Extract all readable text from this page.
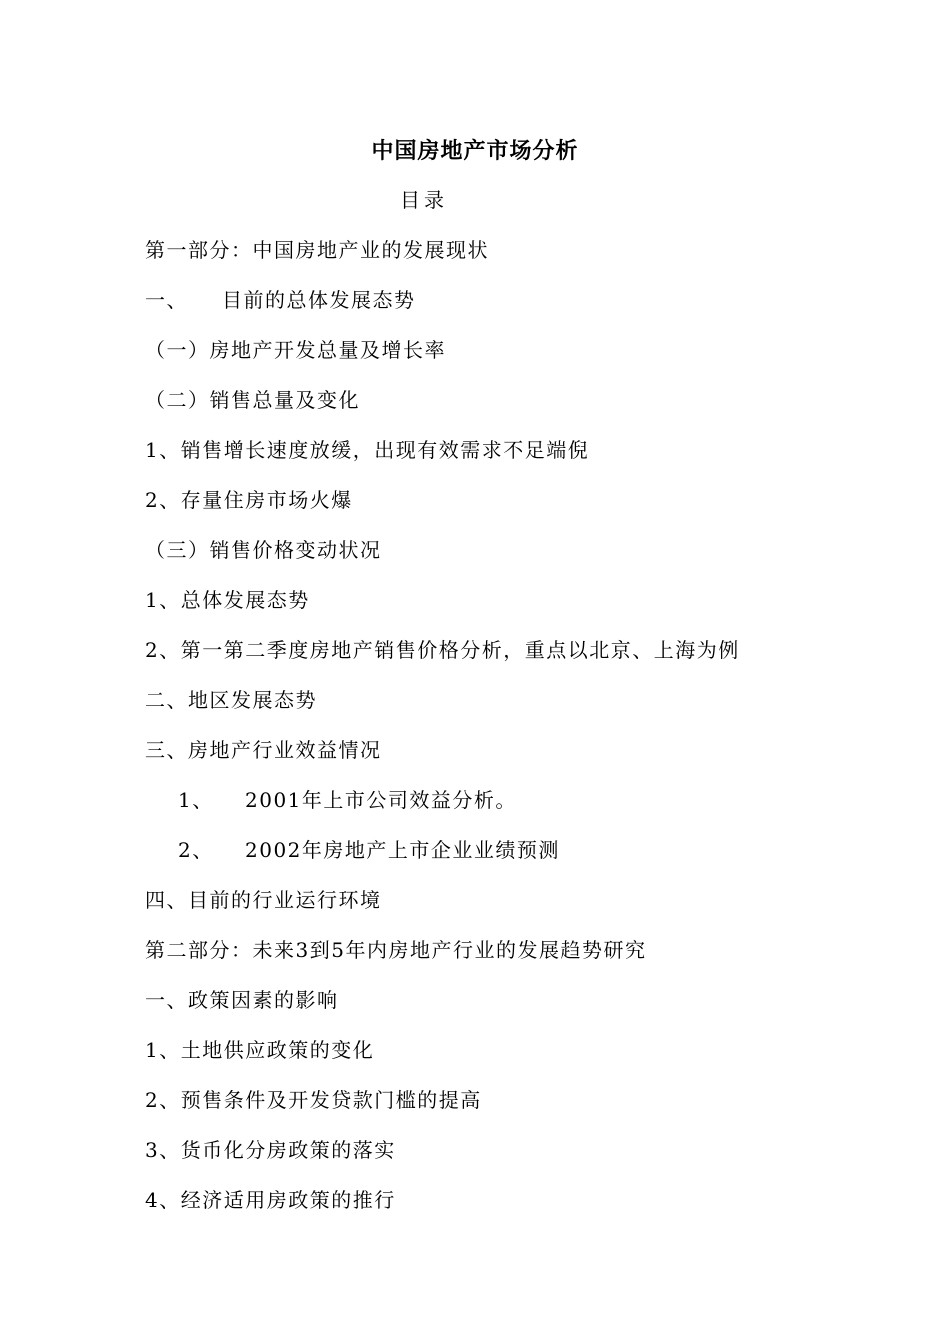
中国房地产市场分析
目录
第一部分：中国房地产业的发展现状
一、 目前的总体发展态势
（一）房地产开发总量及增长率
（二）销售总量及变化
1、销售增长速度放缓，出现有效需求不足端倪
2、存量住房市场火爆
（三）销售价格变动状况
1、总体发展态势
2、第一第二季度房地产销售价格分析，重点以北京、上海为例
二、地区发展态势
三、房地产行业效益情况
1、 2001年上市公司效益分析。
2、 2002年房地产上市企业业绩预测
四、目前的行业运行环境
第二部分：未来3到5年内房地产行业的发展趋势研究
一、政策因素的影响
1、土地供应政策的变化
2、预售条件及开发贷款门槛的提高
3、货币化分房政策的落实
4、经济适用房政策的推行
